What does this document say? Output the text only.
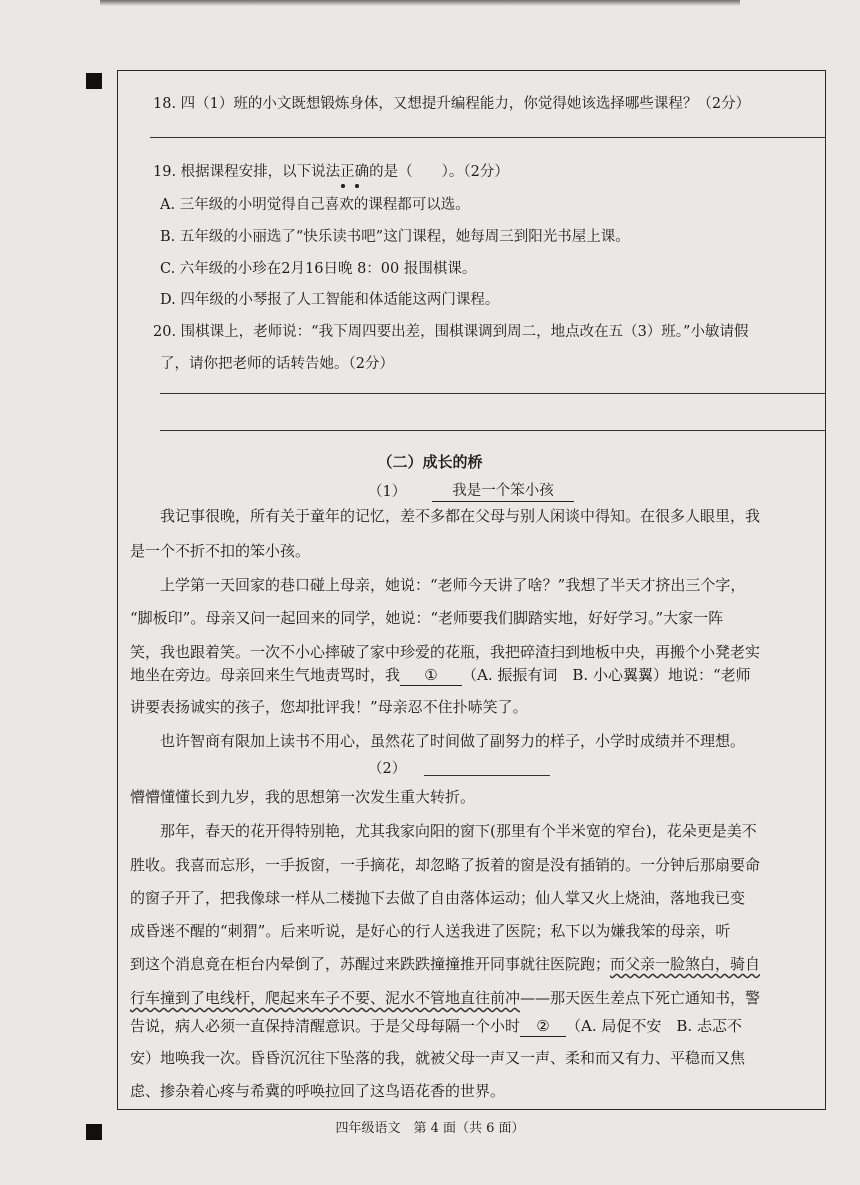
18. 四（1）班的小文既想锻炼身体，又想提升编程能力，你觉得她该选择哪些课程？（2分）
19. 根据课程安排，以下说法正确的是（　　）。（2分）
A. 三年级的小明觉得自己喜欢的课程都可以选。
B. 五年级的小丽选了“快乐读书吧”这门课程，她每周三到阳光书屋上课。
C. 六年级的小珍在2月16日晚 8：00 报围棋课。
D. 四年级的小琴报了人工智能和体适能这两门课程。
20. 围棋课上，老师说：“我下周四要出差，围棋课调到周二，地点改在五（3）班。”小敏请假
了，请你把老师的话转告她。（2分）
（二）成长的桥
（1）	我是一个笨小孩
我记事很晚，所有关于童年的记忆，差不多都在父母与别人闲谈中得知。在很多人眼里，我
是一个不折不扣的笨小孩。
上学第一天回家的巷口碰上母亲，她说：“老师今天讲了啥？”我想了半天才挤出三个字，
“脚板印”。母亲又问一起回来的同学，她说：“老师要我们脚踏实地，好好学习。”大家一阵
笑，我也跟着笑。一次不小心摔破了家中珍爱的花瓶，我把碎渣扫到地板中央，再搬个小凳老实
地坐在旁边。母亲回来生气地责骂时，我 ① （A. 振振有词　B. 小心翼翼）地说：“老师
讲要表扬诚实的孩子，您却批评我！”母亲忍不住扑哧笑了。
也许智商有限加上读书不用心，虽然花了时间做了副努力的样子，小学时成绩并不理想。
（2）
懵懵懂懂长到九岁，我的思想第一次发生重大转折。
那年，春天的花开得特别艳，尤其我家向阳的窗下(那里有个半米宽的窄台)，花朵更是美不
胜收。我喜而忘形，一手扳窗，一手摘花，却忽略了扳着的窗是没有插销的。一分钟后那扇要命
的窗子开了，把我像球一样从二楼抛下去做了自由落体运动；仙人掌又火上烧油，落地我已变
成昏迷不醒的“刺猬”。后来听说，是好心的行人送我进了医院；私下以为嫌我笨的母亲，听
到这个消息竟在柜台内晕倒了，苏醒过来跌跌撞撞推开同事就往医院跑；而父亲一脸煞白，骑自
行车撞到了电线杆，爬起来车子不要、泥水不管地直往前冲——那天医生差点下死亡通知书，警
告说，病人必须一直保持清醒意识。于是父母每隔一个小时 ② （A. 局促不安　B. 忐忑不
安）地唤我一次。昏昏沉沉往下坠落的我，就被父母一声又一声、柔和而又有力、平稳而又焦
虑、掺杂着心疼与希冀的呼唤拉回了这鸟语花香的世界。
四年级语文　第 4 面（共 6 面）
